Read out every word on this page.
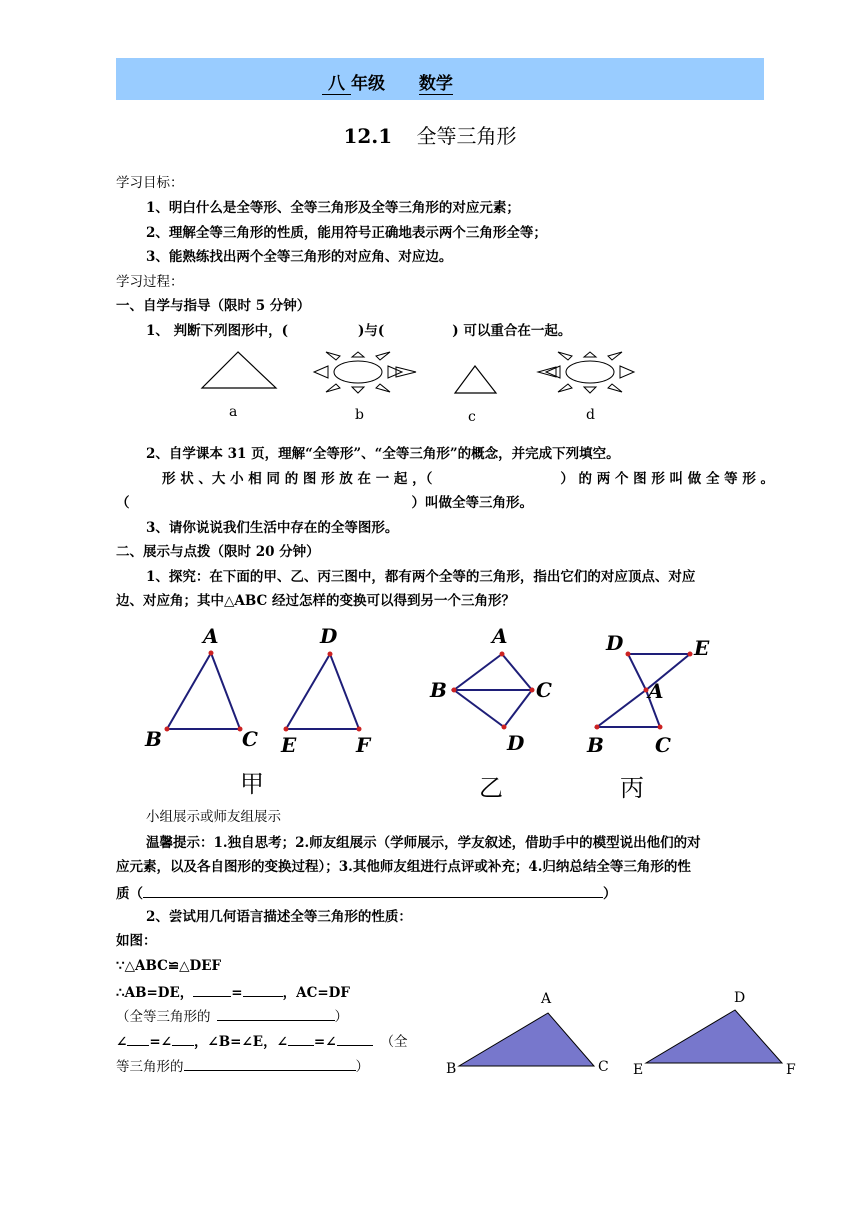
八 年级 数学
12.1 全等三角形
学习目标：
1、明白什么是全等形、全等三角形及全等三角形的对应元素；
2、理解全等三角形的性质，能用符号正确地表示两个三角形全等；
3、能熟练找出两个全等三角形的对应角、对应边。
学习过程：
一、自学与指导（限时 5 分钟）
1、 判断下列图形中，(	)与(	) 可以重合在一起。
a	b	c	d
2、自学课本 31 页，理解“全等形”、“全等三角形”的概念，并完成下列填空。
形 状 、大 小 相 同 的 图 形 放 在 一 起 ，（	） 的 两 个 图 形 叫 做 全 等 形 。
（	）叫做全等三角形。
3、请你说说我们生活中存在的全等图形。
二、展示与点拨（限时 20 分钟）
1、探究：在下面的甲、乙、丙三图中，都有两个全等的三角形，指出它们的对应顶点、对应
边、对应角；其中△ABC 经过怎样的变换可以得到另一个三角形？
A
B	C
D
E	F
A
B	C
D
D	E
A
B	C
甲	乙	丙
小组展示或师友组展示
温馨提示：1.独自思考；2.师友组展示（学师展示，学友叙述，借助手中的模型说出他们的对
应元素，以及各自图形的变换过程）；3.其他师友组进行点评或补充；4.归纳总结全等三角形的性
质（	）
2、尝试用几何语言描述全等三角形的性质：
如图：
∵△ABC≌△DEF
∴AB=DE，	=	，AC=DF
（全等三角形的	）
∠ =∠ ，∠B=∠E，∠ =∠	（全
等三角形的	）
A
B	C
D
E	F
